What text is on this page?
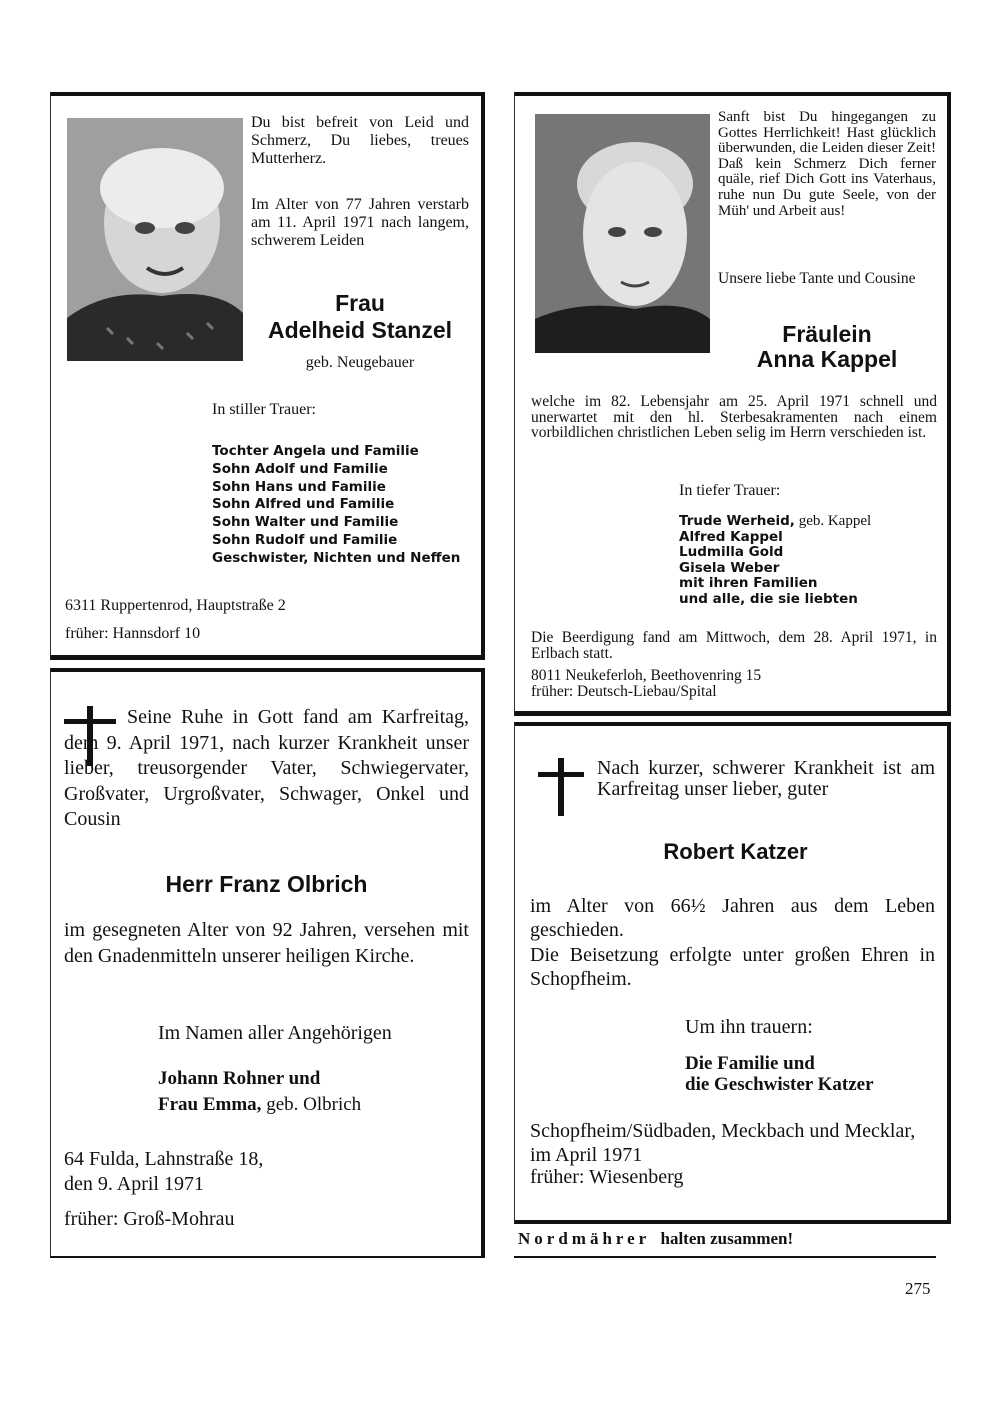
Du bist befreit von Leid und Schmerz, Du liebes, treues Mutterherz.

Im Alter von 77 Jahren verstarb am 11. April 1971 nach langem, schwerem Leiden

Frau

Adelheid Stanzel

geb. Neugebauer

In stiller Trauer:

Tochter Angela und Familie
Sohn Adolf und Familie
Sohn Hans und Familie
Sohn Alfred und Familie
Sohn Walter und Familie
Sohn Rudolf und Familie
Geschwister, Nichten und Neffen

6311 Ruppertenrod, Hauptstraße 2

früher: Hannsdorf 10

Sanft bist Du hingegangen zu Gottes Herrlichkeit! Hast glücklich überwunden, die Leiden dieser Zeit! Daß kein Schmerz Dich ferner quäle, rief Dich Gott ins Vaterhaus, ruhe nun Du gute Seele, von der Müh' und Arbeit aus!

Unsere liebe Tante und Cousine

Fräulein

Anna Kappel

welche im 82. Lebensjahr am 25. April 1971 schnell und unerwartet mit den hl. Sterbesakramenten nach einem vorbildlichen christlichen Leben selig im Herrn verschieden ist.

In tiefer Trauer:

Trude Werheid, geb. Kappel
Alfred Kappel
Ludmilla Gold
Gisela Weber
mit ihren Familien
und alle, die sie liebten

Die Beerdigung fand am Mittwoch, dem 28. April 1971, in Erlbach statt.

8011 Neukeferloh, Beethovenring 15

früher: Deutsch-Liebau/Spital

Seine Ruhe in Gott fand am Karfreitag, dem 9. April 1971, nach kurzer Krankheit unser lieber, treusorgender Vater, Schwiegervater, Großvater, Urgroßvater, Schwager, Onkel und Cousin

Herr Franz Olbrich

im gesegneten Alter von 92 Jahren, versehen mit den Gnadenmitteln unserer heiligen Kirche.

Im Namen aller Angehörigen

Johann Rohner und

Frau Emma, geb. Olbrich

64 Fulda, Lahnstraße 18,

den 9. April 1971

früher: Groß-Mohrau

Nach kurzer, schwerer Krankheit ist am Karfreitag unser lieber, guter

Robert Katzer

im Alter von 66½ Jahren aus dem Leben geschieden.

Die Beisetzung erfolgte unter großen Ehren in Schopfheim.

Um ihn trauern:

Die Familie und

die Geschwister Katzer

Schopfheim/Südbaden, Meckbach und Mecklar, im April 1971

früher: Wiesenberg

Nordmährer halten zusammen!

275
